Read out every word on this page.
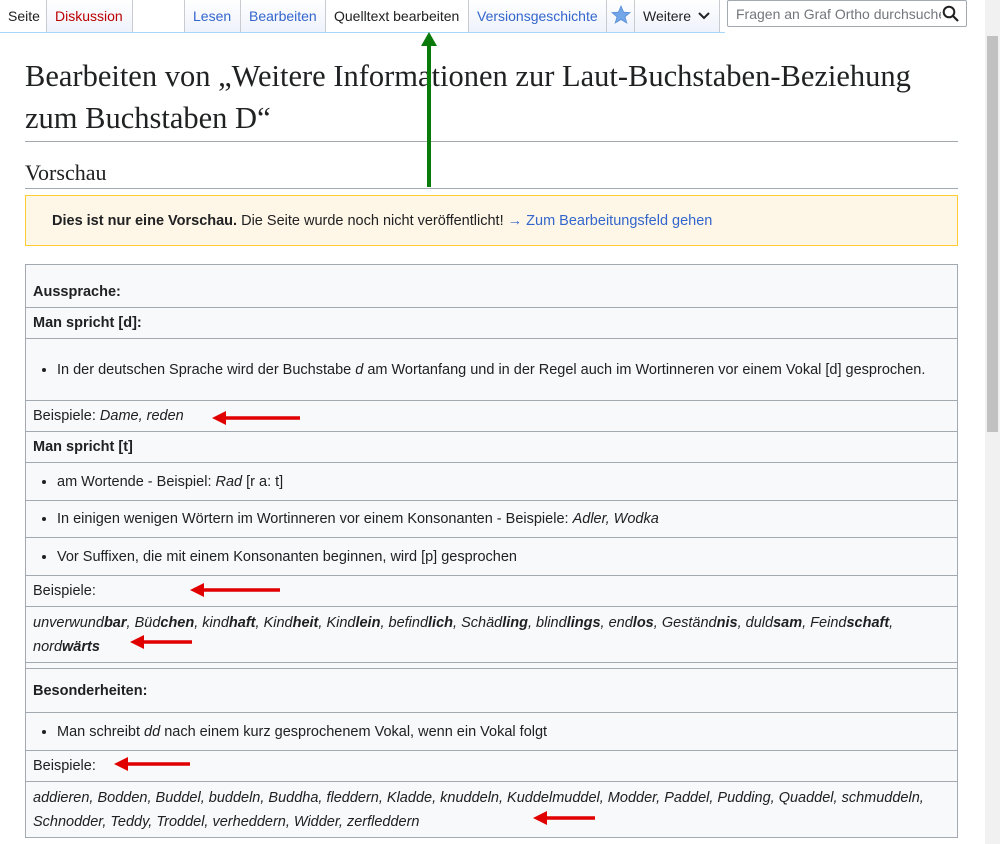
Seite	Diskussion	Lesen	Bearbeiten	Quelltext bearbeiten	Versionsgeschichte	Weitere
Fragen an Graf Ortho durchsuchen
Bearbeiten von „Weitere Informationen zur Laut-Buchstaben-Beziehung zum Buchstaben D“
Vorschau
Dies ist nur eine Vorschau. Die Seite wurde noch nicht veröffentlicht! → Zum Bearbeitungsfeld gehen
Aussprache:
Man spricht [d]:

• In der deutschen Sprache wird der Buchstabe d am Wortanfang und in der Regel auch im Wortinneren vor einem Vokal [d] gesprochen.

Beispiele: Dame, reden
Man spricht [t]

• am Wortende - Beispiel: Rad [r a: t]

• In einigen wenigen Wörtern im Wortinneren vor einem Konsonanten - Beispiele: Adler, Wodka

• Vor Suffixen, die mit einem Konsonanten beginnen, wird [p] gesprochen

Beispiele:

unverwundbar, Büdchen, kindhaft, Kindheit, Kindlein, befindlich, Schädling, blindlings, endlos, Geständnis, duldsam, Feindschaft, nordwärts

Besonderheiten:

• Man schreibt dd nach einem kurz gesprochenem Vokal, wenn ein Vokal folgt

Beispiele:

addieren, Bodden, Buddel, buddeln, Buddha, fleddern, Kladde, knuddeln, Kuddelmuddel, Modder, Paddel, Pudding, Quaddel, schmuddeln, Schnodder, Teddy, Troddel, verheddern, Widder, zerfleddern
